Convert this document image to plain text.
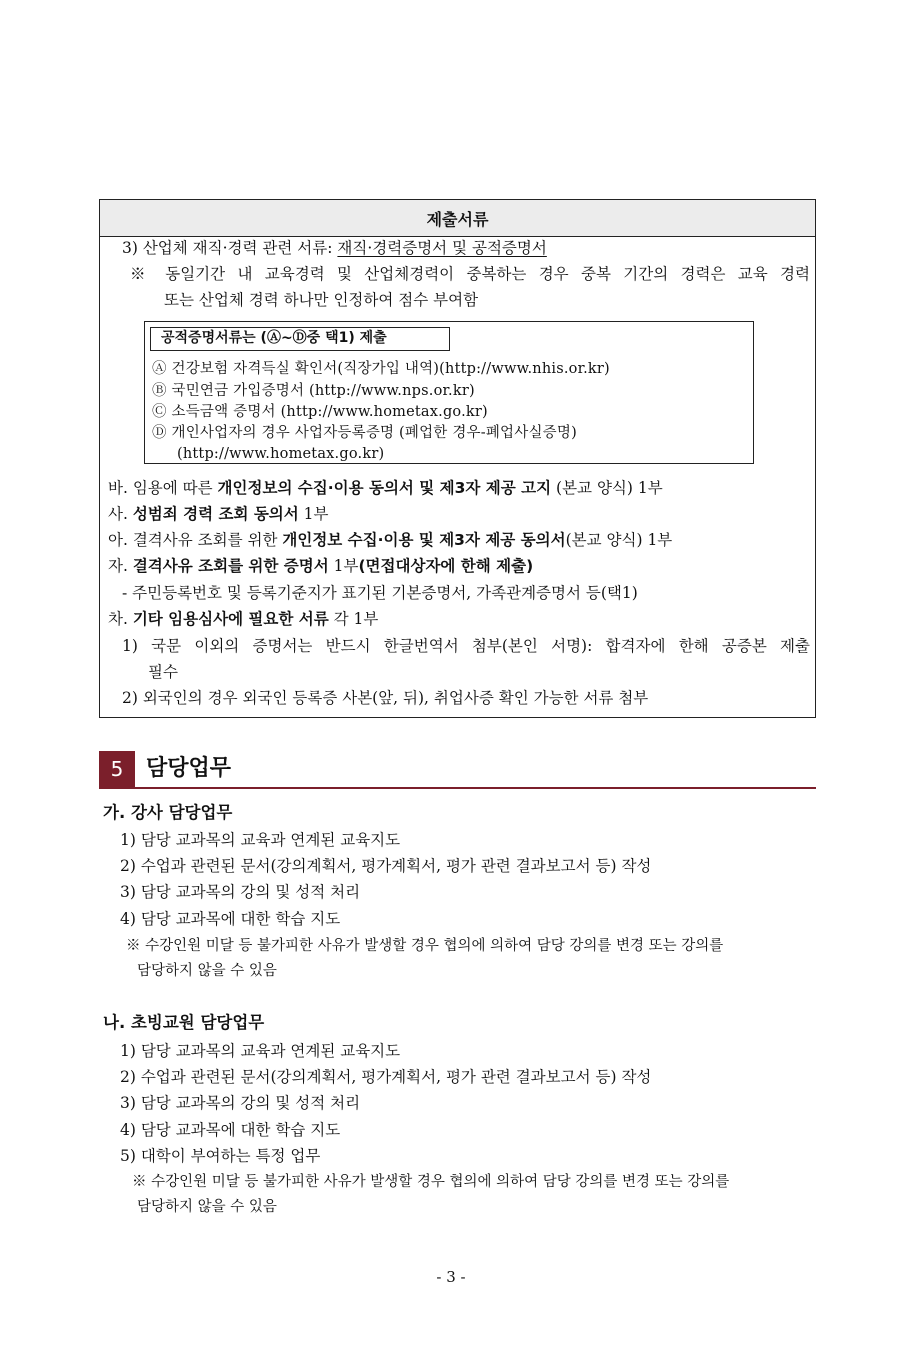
제출서류
3) 산업체 재직·경력 관련 서류: 재직·경력증명서 및 공적증명서
※ 동일기간 내 교육경력 및 산업체경력이 중복하는 경우 중복 기간의 경력은 교육 경력
또는 산업체 경력 하나만 인정하여 점수 부여함
공적증명서류는 (Ⓐ~Ⓓ중 택1) 제출
Ⓐ 건강보험 자격득실 확인서(직장가입 내역)(http://www.nhis.or.kr)
Ⓑ 국민연금 가입증명서 (http://www.nps.or.kr)
Ⓒ 소득금액 증명서 (http://www.hometax.go.kr)
Ⓓ 개인사업자의 경우 사업자등록증명 (폐업한 경우-폐업사실증명)
(http://www.hometax.go.kr)
바. 임용에 따른 개인정보의 수집·이용 동의서 및 제3자 제공 고지 (본교 양식) 1부
사. 성범죄 경력 조회 동의서 1부
아. 결격사유 조회를 위한 개인정보 수집·이용 및 제3자 제공 동의서(본교 양식) 1부
자. 결격사유 조회를 위한 증명서 1부(면접대상자에 한해 제출)
- 주민등록번호 및 등록기준지가 표기된 기본증명서, 가족관계증명서 등(택1)
차. 기타 임용심사에 필요한 서류 각 1부
1) 국문 이외의 증명서는 반드시 한글번역서 첨부(본인 서명): 합격자에 한해 공증본 제출
필수
2) 외국인의 경우 외국인 등록증 사본(앞, 뒤), 취업사증 확인 가능한 서류 첨부
5	담당업무
가. 강사 담당업무
1) 담당 교과목의 교육과 연계된 교육지도
2) 수업과 관련된 문서(강의계획서, 평가계획서, 평가 관련 결과보고서 등) 작성
3) 담당 교과목의 강의 및 성적 처리
4) 담당 교과목에 대한 학습 지도
※ 수강인원 미달 등 불가피한 사유가 발생할 경우 협의에 의하여 담당 강의를 변경 또는 강의를
담당하지 않을 수 있음
나. 초빙교원 담당업무
1) 담당 교과목의 교육과 연계된 교육지도
2) 수업과 관련된 문서(강의계획서, 평가계획서, 평가 관련 결과보고서 등) 작성
3) 담당 교과목의 강의 및 성적 처리
4) 담당 교과목에 대한 학습 지도
5) 대학이 부여하는 특정 업무
※ 수강인원 미달 등 불가피한 사유가 발생할 경우 협의에 의하여 담당 강의를 변경 또는 강의를
담당하지 않을 수 있음
- 3 -
